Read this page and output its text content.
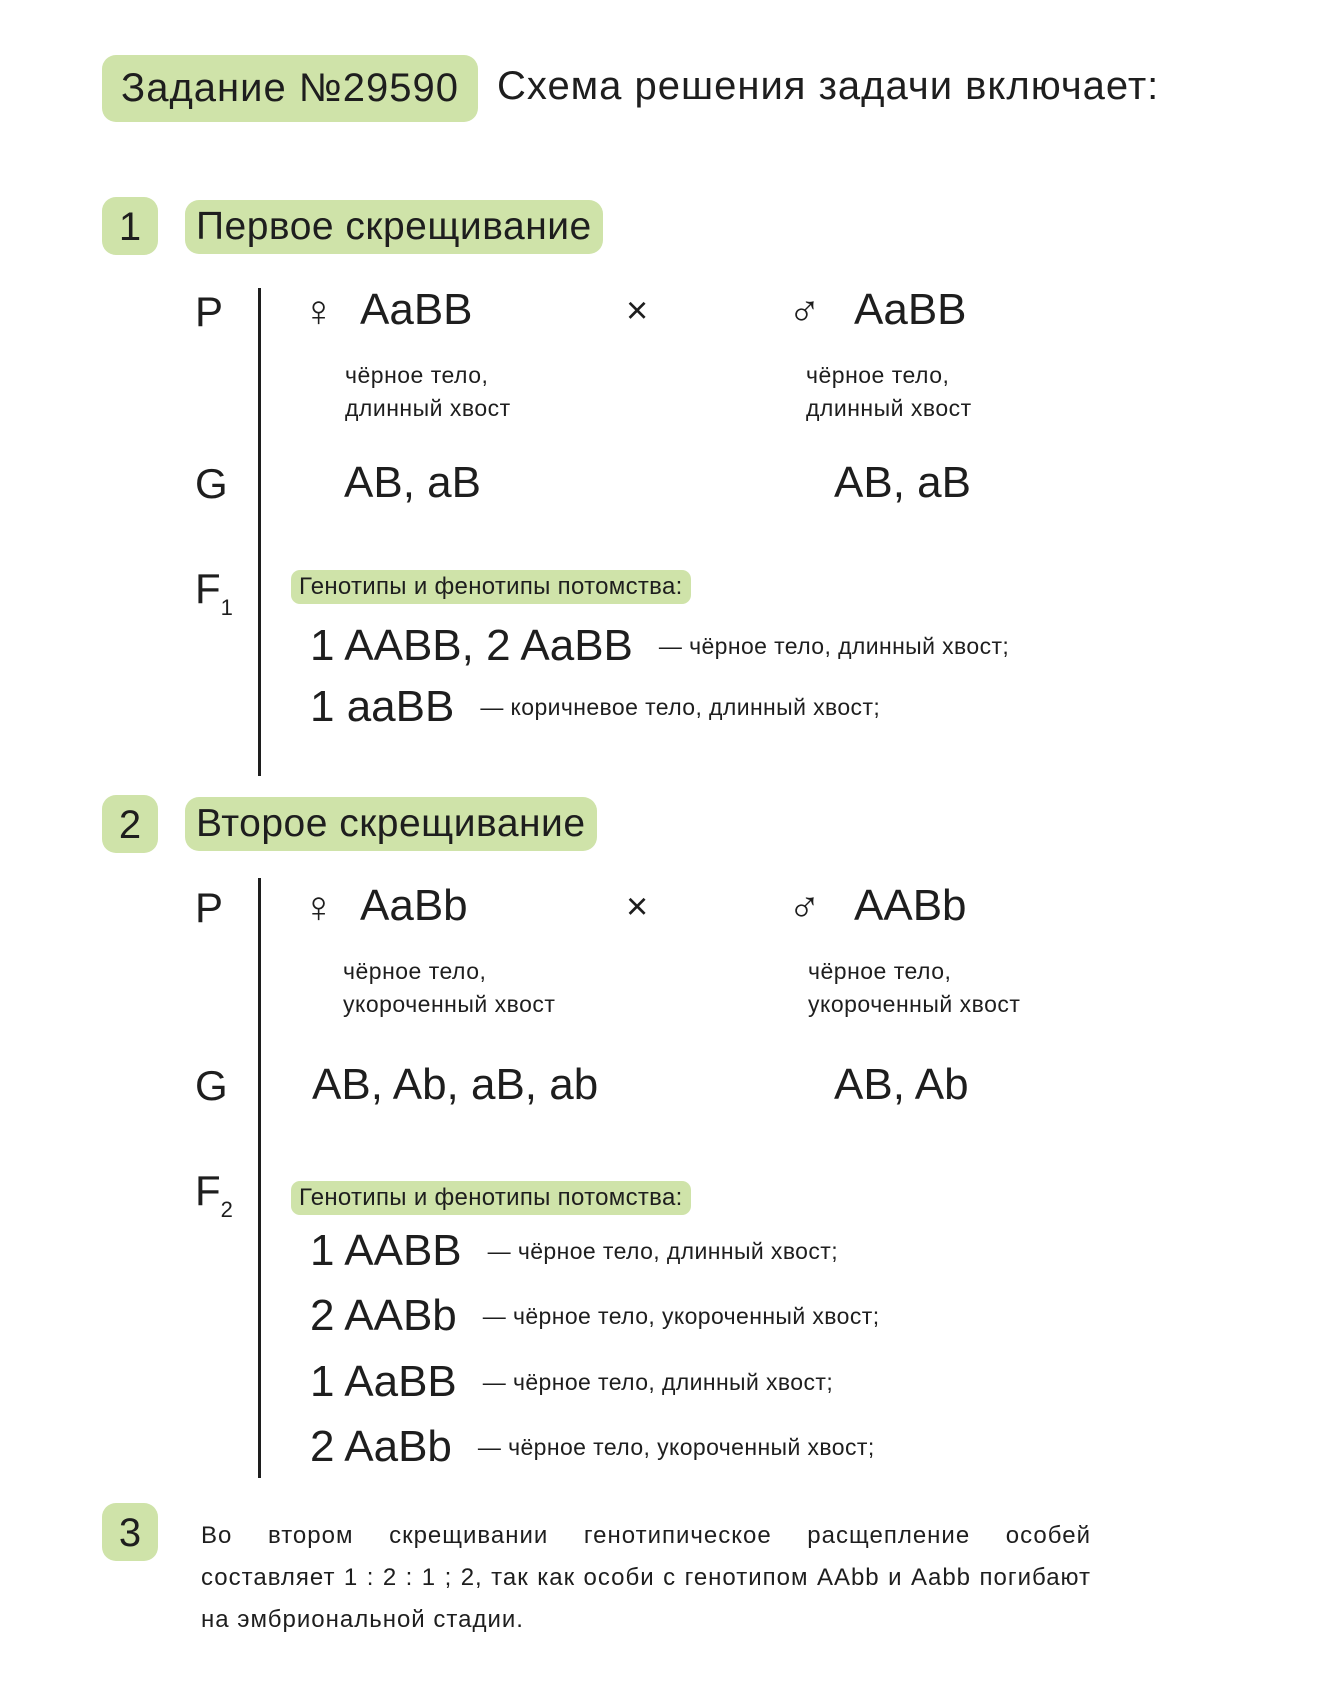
Задание №29590 Схема решения задачи включает:
1	Первое скрещивание
P
G
$F_1$
♀ AaBB	×	♂ AaBB
чёрное тело,
длинный хвост
чёрное тело,
длинный хвост
AB, aB	AB, aB
Генотипы и фенотипы потомства:
1 AABB, 2 AaBB — чёрное тело, длинный хвост;
1 aaBB — коричневое тело, длинный хвост;
2	Второе скрещивание
P
G
$F_2$
♀ AaBb	×	♂ AABb
чёрное тело,
укороченный хвост
чёрное тело,
укороченный хвост
AB, Ab, aB, ab	AB, Ab
Генотипы и фенотипы потомства:
1 AABB — чёрное тело, длинный хвост;
2 AABb — чёрное тело, укороченный хвост;
1 AaBB — чёрное тело, длинный хвост;
2 AaBb — чёрное тело, укороченный хвост;
3	Во втором скрещивании генотипическое расщепление особей составляет 1 : 2 : 1 ; 2, так как особи с генотипом AAbb и Aabb погибают на эмбриональной стадии.
